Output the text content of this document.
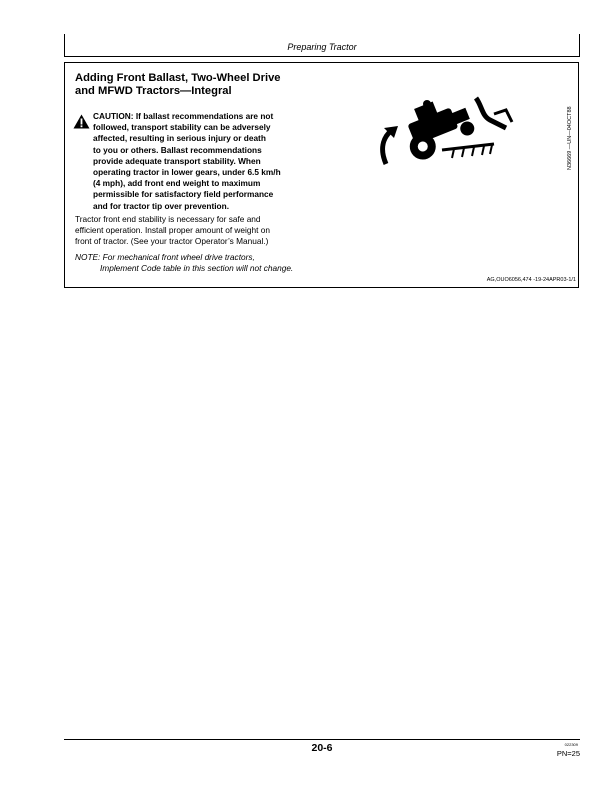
Preparing Tractor
Adding Front Ballast, Two-Wheel Drive
and MFWD Tractors—Integral
CAUTION: If ballast recommendations are not
followed, transport stability can be adversely
affected, resulting in serious injury or death
to you or others. Ballast recommendations
provide adequate transport stability. When
operating tractor in lower gears, under 6.5 km/h
(4 mph), add front end weight to maximum
permissible for satisfactory field performance
and for tractor tip over prevention.
Tractor front end stability is necessary for safe and
efficient operation. Install proper amount of weight on
front of tractor. (See your tractor Operator’s Manual.)
NOTE: For mechanical front wheel drive tractors,
Implement Code table in this section will not change.
N36669 —UN—04OCT88
AG,OUO6056,474 -19-24APR03-1/1
20-6	022309
PN=25
